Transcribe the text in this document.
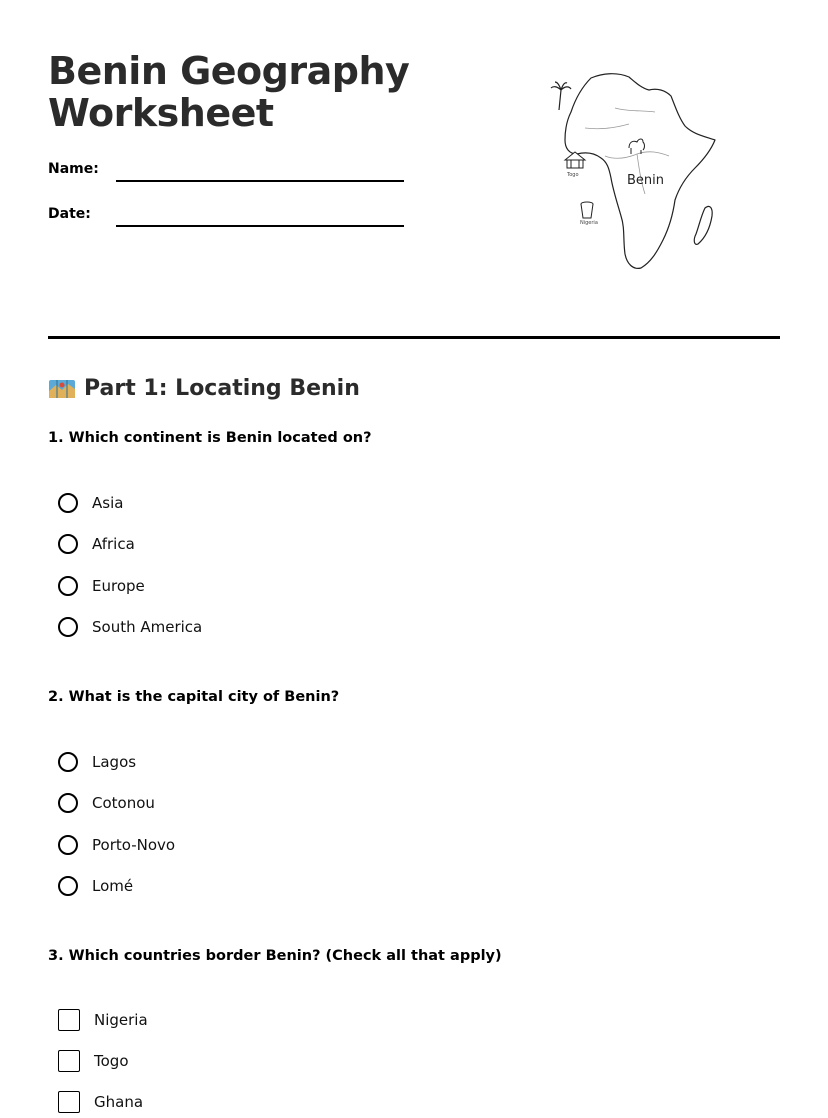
Benin Geography Worksheet
Name:
Date:
Togo
Nigeria
Benin
Part 1: Locating Benin
1. Which continent is Benin located on?
Asia
Africa
Europe
South America
2. What is the capital city of Benin?
Lagos
Cotonou
Porto-Novo
Lomé
3. Which countries border Benin? (Check all that apply)
Nigeria
Togo
Ghana
